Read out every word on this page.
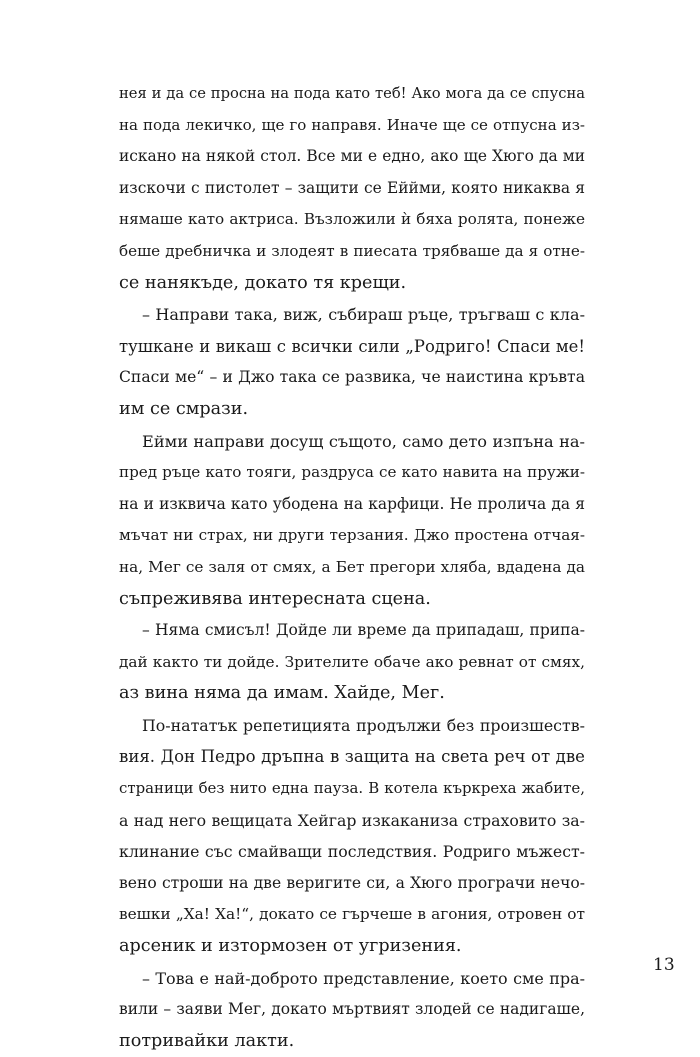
нея и да се просна на пода като теб! Ако мога да се спусна
на пода лекичко, ще го направя. Иначе ще се отпусна из-
искано на някой стол. Все ми е едно, ако ще Хюго да ми
изскочи с пистолет – защити се Еййми, която никаква я
нямаше като актриса. Възложили ѝ бяха ролята, понеже
беше дребничка и злодеят в пиесата трябваше да я отне-
се нанякъде, докато тя крещи.
– Направи така, виж, събираш ръце, тръгваш с кла-
тушкане и викаш с всички сили „Родриго! Спаси ме!
Спаси ме“ – и Джо така се развика, че наистина кръвта
им се смрази.
Ейми направи досущ същото, само дето изпъна на-
пред ръце като тояги, раздруса се като навита на пружи-
на и изквича като убодена на карфици. Не пролича да я
мъчат ни страх, ни други терзания. Джо простена отчая-
на, Мег се заля от смях, а Бет прегори хляба, вдадена да
съпреживява интересната сцена.
– Няма смисъл! Дойде ли време да припадаш, припа-
дай както ти дойде. Зрителите обаче ако ревнат от смях,
аз вина няма да имам. Хайде, Мег.
По-нататък репетицията продължи без произшеств-
вия. Дон Педро дръпна в защита на света реч от две
страници без нито една пауза. В котела къркреха жабите,
а над него вещицата Хейгар изкаканиза страховито за-
клинание със смайващи последствия. Родриго мъжест-
вено строши на две веригите си, а Хюго програчи нечо-
вешки „Ха! Ха!“, докато се гърчеше в агония, отровен от
арсеник и изтормозен от угризения.
– Това е най-доброто представление, което сме пра-
вили – заяви Мег, докато мъртвият злодей се надигаше,
потривайки лакти.
13
